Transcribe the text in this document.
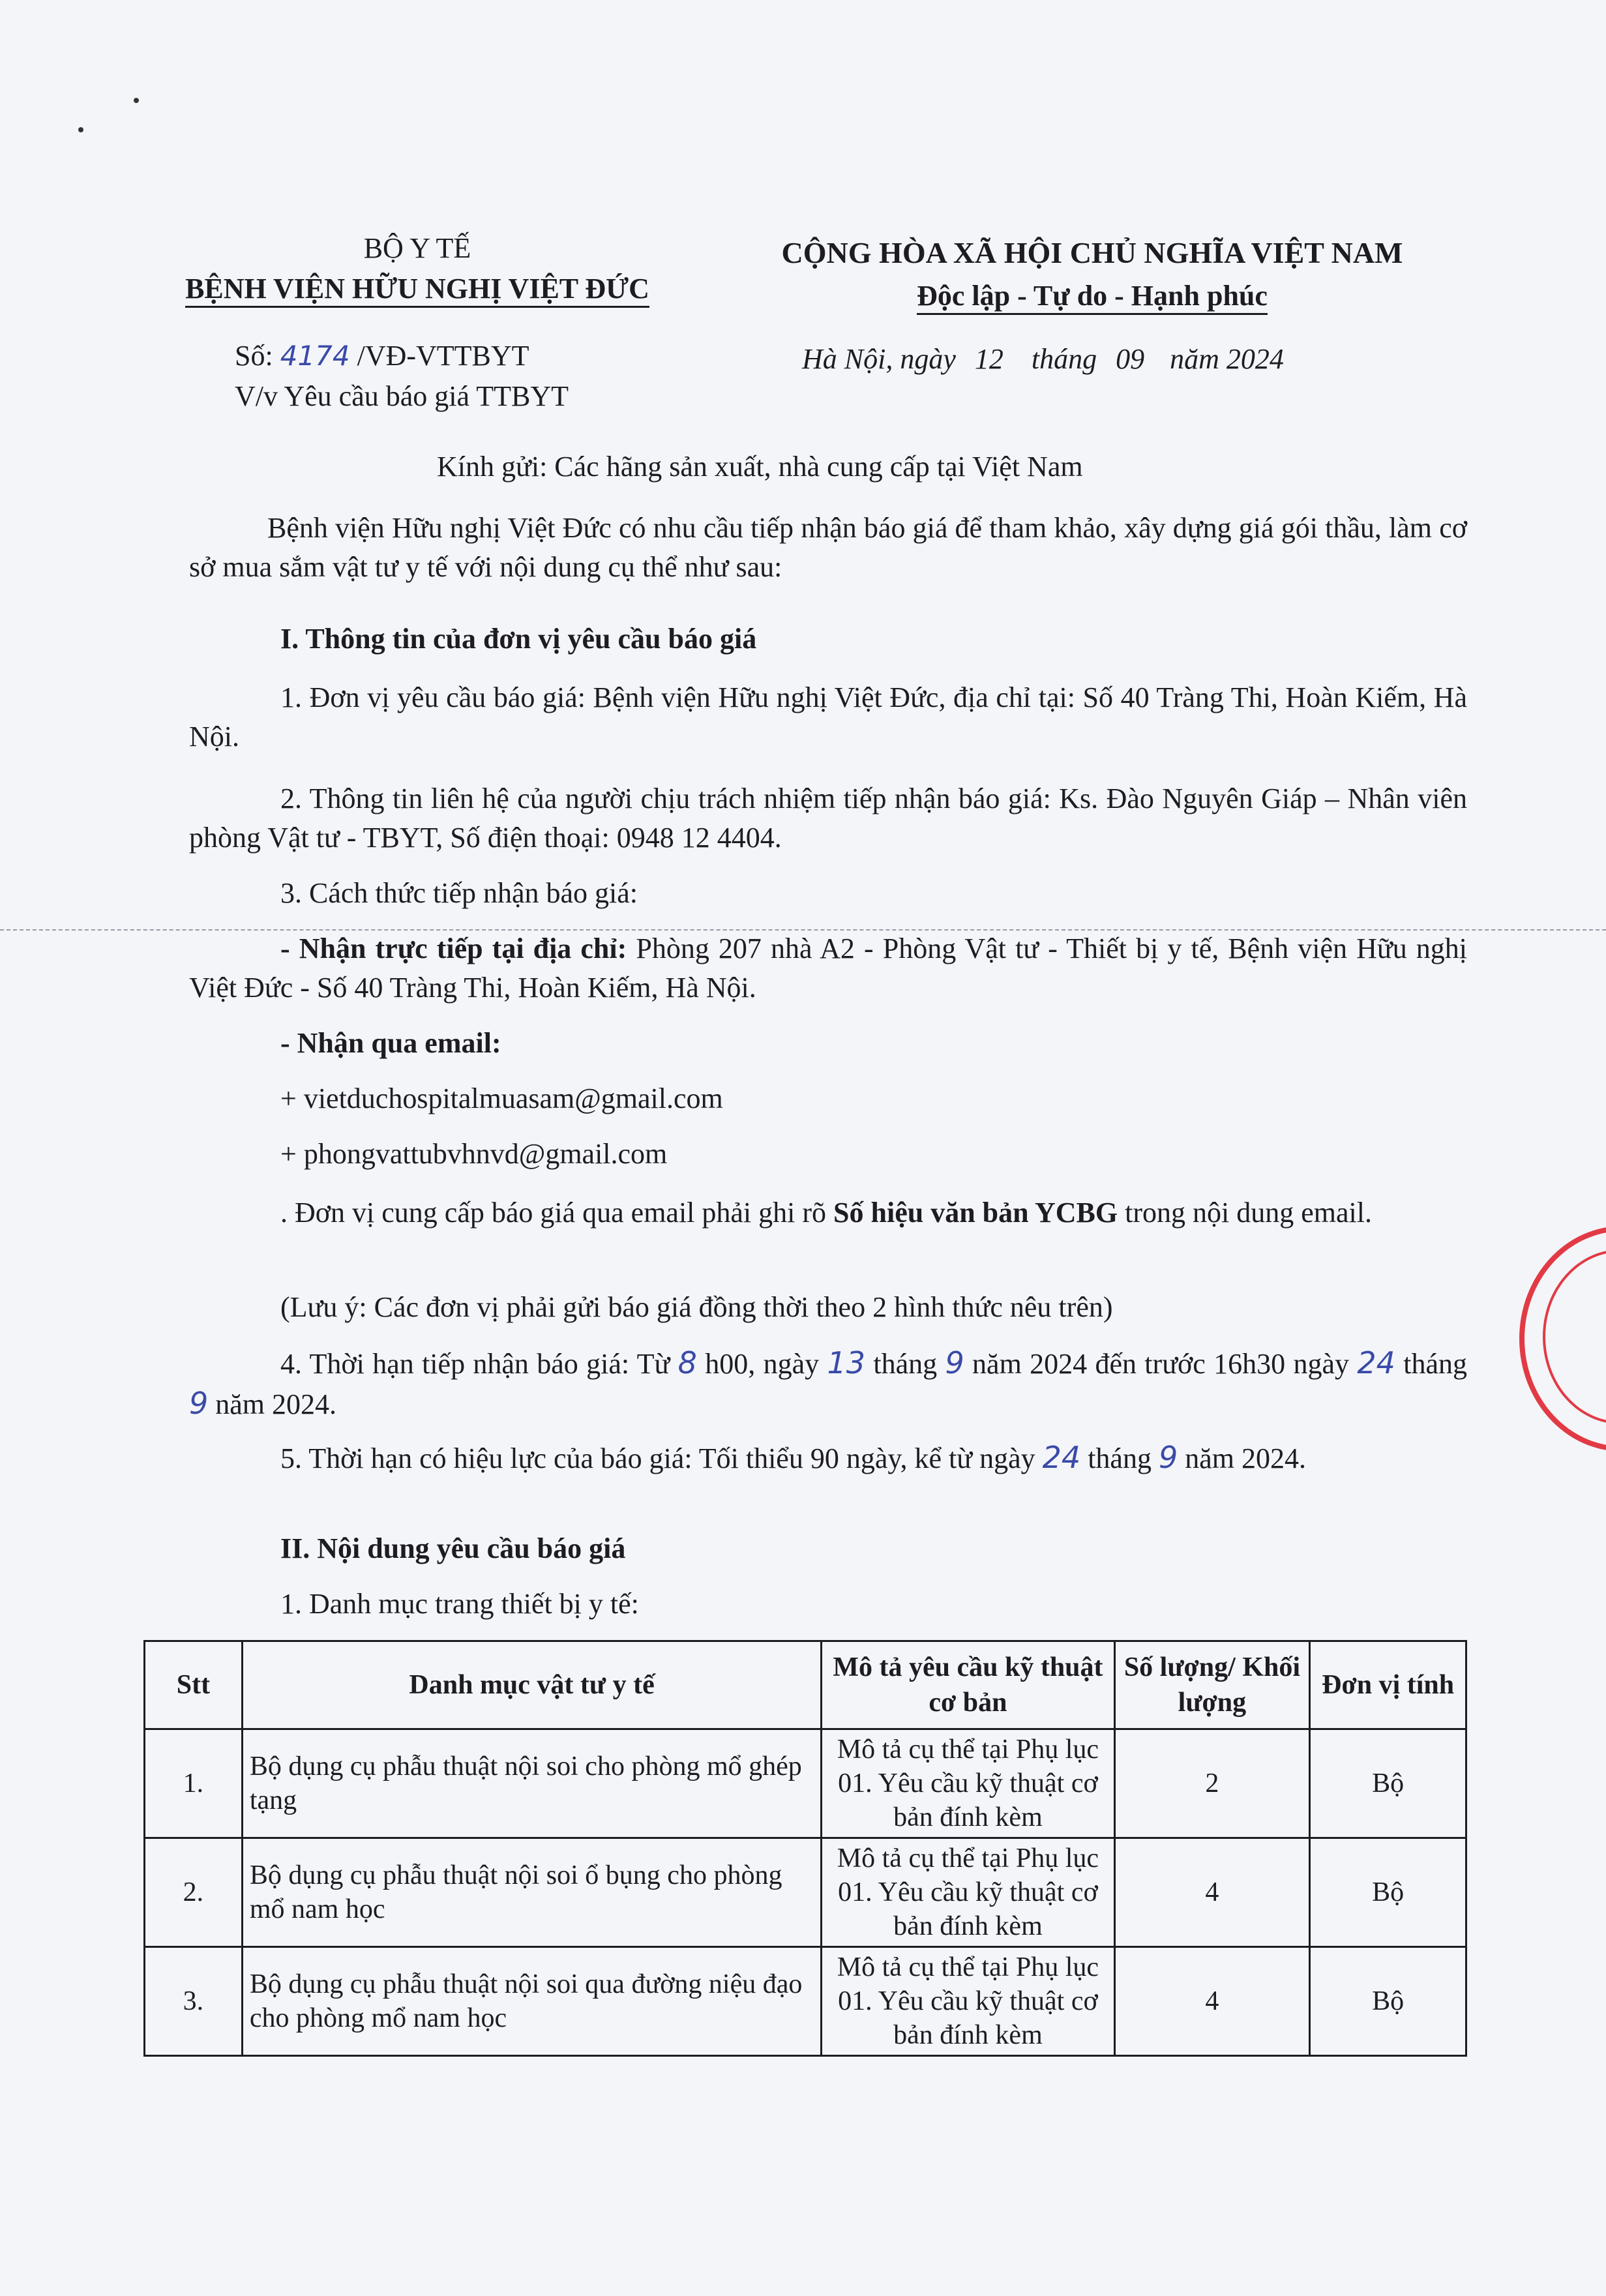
BỘ Y TẾ
BỆNH VIỆN HỮU NGHỊ VIỆT ĐỨC
CỘNG HÒA XÃ HỘI CHỦ NGHĨA VIỆT NAM
Độc lập - Tự do - Hạnh phúc
Số: 4174 /VĐ-VTTBYT
V/v Yêu cầu báo giá TTBYT
Hà Nội, ngày 12 tháng 09 năm 2024
Kính gửi: Các hãng sản xuất, nhà cung cấp tại Việt Nam
Bệnh viện Hữu nghị Việt Đức có nhu cầu tiếp nhận báo giá để tham khảo, xây dựng giá gói thầu, làm cơ sở mua sắm vật tư y tế với nội dung cụ thể như sau:
I. Thông tin của đơn vị yêu cầu báo giá
1. Đơn vị yêu cầu báo giá: Bệnh viện Hữu nghị Việt Đức, địa chỉ tại: Số 40 Tràng Thi, Hoàn Kiếm, Hà Nội.
2. Thông tin liên hệ của người chịu trách nhiệm tiếp nhận báo giá: Ks. Đào Nguyên Giáp – Nhân viên phòng Vật tư - TBYT, Số điện thoại: 0948 12 4404.
3. Cách thức tiếp nhận báo giá:
- Nhận trực tiếp tại địa chỉ: Phòng 207 nhà A2 - Phòng Vật tư - Thiết bị y tế, Bệnh viện Hữu nghị Việt Đức - Số 40 Tràng Thi, Hoàn Kiếm, Hà Nội.
- Nhận qua email:
+ vietduchospitalmuasam@gmail.com
+ phongvattubvhnvd@gmail.com
. Đơn vị cung cấp báo giá qua email phải ghi rõ Số hiệu văn bản YCBG trong nội dung email.
(Lưu ý: Các đơn vị phải gửi báo giá đồng thời theo 2 hình thức nêu trên)
4. Thời hạn tiếp nhận báo giá: Từ 8 h00, ngày 13 tháng 9 năm 2024 đến trước 16h30 ngày 24 tháng 9 năm 2024.
5. Thời hạn có hiệu lực của báo giá: Tối thiểu 90 ngày, kể từ ngày 24 tháng 9 năm 2024.
II. Nội dung yêu cầu báo giá
1. Danh mục trang thiết bị y tế:
Stt	Danh mục vật tư y tế	Mô tả yêu cầu kỹ thuật cơ bản	Số lượng/ Khối lượng	Đơn vị tính
1.	Bộ dụng cụ phẫu thuật nội soi cho phòng mổ ghép tạng	Mô tả cụ thể tại Phụ lục 01. Yêu cầu kỹ thuật cơ bản đính kèm	2	Bộ
2.	Bộ dụng cụ phẫu thuật nội soi ổ bụng cho phòng mổ nam học	Mô tả cụ thể tại Phụ lục 01. Yêu cầu kỹ thuật cơ bản đính kèm	4	Bộ
3.	Bộ dụng cụ phẫu thuật nội soi qua đường niệu đạo cho phòng mổ nam học	Mô tả cụ thể tại Phụ lục 01. Yêu cầu kỹ thuật cơ bản đính kèm	4	Bộ
